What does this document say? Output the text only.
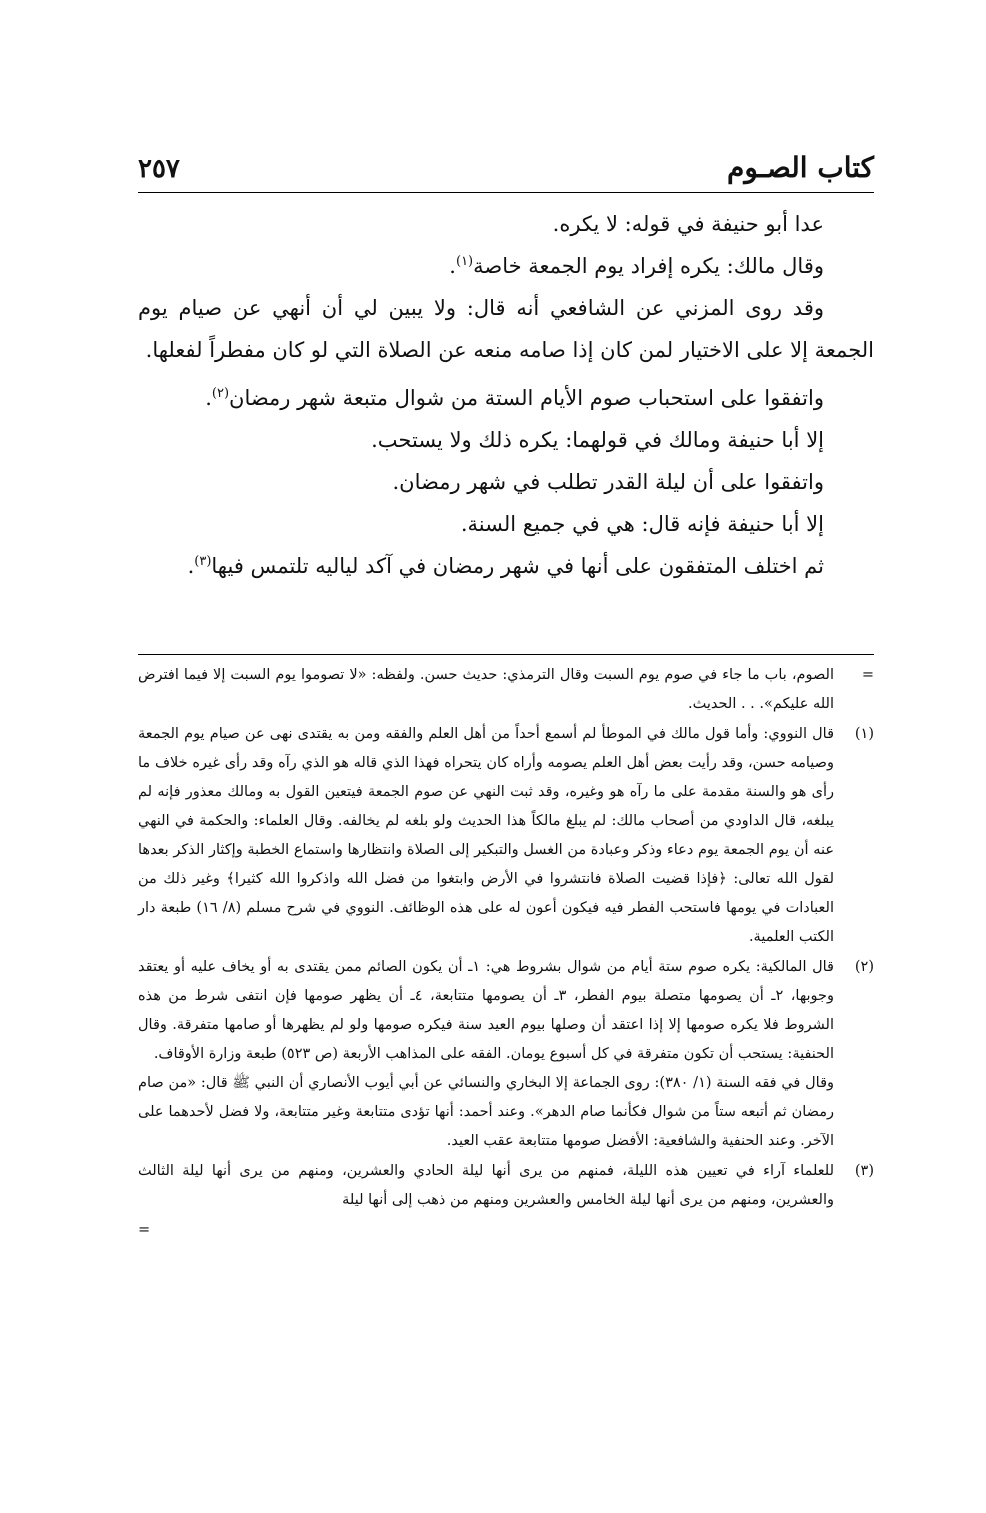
كتاب الصـوم
٢٥٧

عدا أبو حنيفة في قوله: لا يكره.

وقال مالك: يكره إفراد يوم الجمعة خاصة$^{(١)}$.

وقد روى المزني عن الشافعي أنه قال: ولا يبين لي أن أنهي عن صيام يوم الجمعة إلا على الاختيار لمن كان إذا صامه منعه عن الصلاة التي لو كان مفطراً لفعلها.

واتفقوا على استحباب صوم الأيام الستة من شوال متبعة شهر رمضان$^{(٢)}$.

إلا أبا حنيفة ومالك في قولهما: يكره ذلك ولا يستحب.

واتفقوا على أن ليلة القدر تطلب في شهر رمضان.

إلا أبا حنيفة فإنه قال: هي في جميع السنة.

ثم اختلف المتفقون على أنها في شهر رمضان في آكد لياليه تلتمس فيها$^{(٣)}$.

=
الصوم، باب ما جاء في صوم يوم السبت وقال الترمذي: حديث حسن. ولفظه: «لا تصوموا يوم السبت إلا فيما افترض الله عليكم». . . الحديث.
(١)
قال النووي: وأما قول مالك في الموطأ لم أسمع أحداً من أهل العلم والفقه ومن به يقتدى نهى عن صيام يوم الجمعة وصيامه حسن، وقد رأيت بعض أهل العلم يصومه وأراه كان يتحراه فهذا الذي قاله هو الذي رآه وقد رأى غيره خلاف ما رأى هو والسنة مقدمة على ما رآه هو وغيره، وقد ثبت النهي عن صوم الجمعة فيتعين القول به ومالك معذور فإنه لم يبلغه، قال الداودي من أصحاب مالك: لم يبلغ مالكاً هذا الحديث ولو بلغه لم يخالفه. وقال العلماء: والحكمة في النهي عنه أن يوم الجمعة يوم دعاء وذكر وعبادة من الغسل والتبكير إلى الصلاة وانتظارها واستماع الخطبة وإكثار الذكر بعدها لقول الله تعالى: ﴿فإذا قضيت الصلاة فانتشروا في الأرض وابتغوا من فضل الله واذكروا الله كثيرا﴾ وغير ذلك من العبادات في يومها فاستحب الفطر فيه فيكون أعون له على هذه الوظائف. النووي في شرح مسلم (٨/ ١٦) طبعة دار الكتب العلمية.
(٢)

قال المالكية: يكره صوم ستة أيام من شوال بشروط هي: ١ـ أن يكون الصائم ممن يقتدى به أو يخاف عليه أو يعتقد وجوبها، ٢ـ أن يصومها متصلة بيوم الفطر، ٣ـ أن يصومها متتابعة، ٤ـ أن يظهر صومها فإن انتفى شرط من هذه الشروط فلا يكره صومها إلا إذا اعتقد أن وصلها بيوم العيد سنة فيكره صومها ولو لم يظهرها أو صامها متفرقة. وقال الحنفية: يستحب أن تكون متفرقة في كل أسبوع يومان. الفقه على المذاهب الأربعة (ص ٥٢٣) طبعة وزارة الأوقاف.

وقال في فقه السنة (١/ ٣٨٠): روى الجماعة إلا البخاري والنسائي عن أبي أيوب الأنصاري أن النبي ﷺ قال: «من صام رمضان ثم أتبعه ستاً من شوال فكأنما صام الدهر». وعند أحمد: أنها تؤدى متتابعة وغير متتابعة، ولا فضل لأحدهما على الآخر. وعند الحنفية والشافعية: الأفضل صومها متتابعة عقب العيد.

(٣)
للعلماء آراء في تعيين هذه الليلة، فمنهم من يرى أنها ليلة الحادي والعشرين، ومنهم من يرى أنها ليلة الثالث والعشرين، ومنهم من يرى أنها ليلة الخامس والعشرين ومنهم من ذهب إلى أنها ليلة
=
